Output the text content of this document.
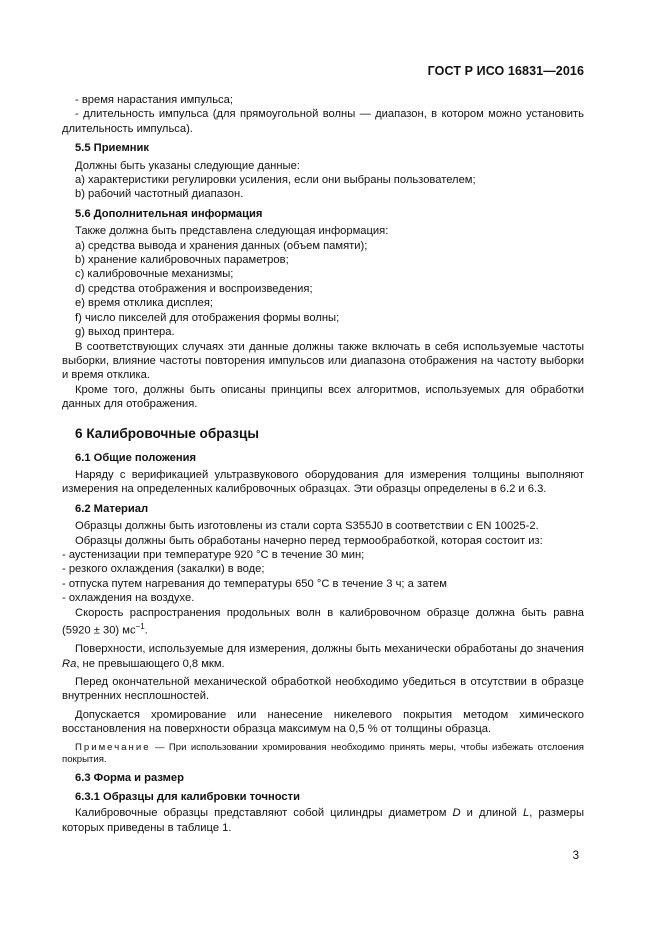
ГОСТ Р ИСО 16831—2016

- время нарастания импульса;

- длительность импульса (для прямоугольной волны — диапазон, в котором можно установить длительность импульса).

5.5 Приемник

Должны быть указаны следующие данные:

a) характеристики регулировки усиления, если они выбраны пользователем;

b) рабочий частотный диапазон.

5.6 Дополнительная информация

Также должна быть представлена следующая информация:

a) средства вывода и хранения данных (объем памяти);

b) хранение калибровочных параметров;

c) калибровочные механизмы;

d) средства отображения и воспроизведения;

e) время отклика дисплея;

f) число пикселей для отображения формы волны;

g) выход принтера.

В соответствующих случаях эти данные должны также включать в себя используемые частоты выборки, влияние частоты повторения импульсов или диапазона отображения на частоту выборки и время отклика.

Кроме того, должны быть описаны принципы всех алгоритмов, используемых для обработки данных для отображения.

6 Калибровочные образцы

6.1 Общие положения

Наряду с верификацией ультразвукового оборудования для измерения толщины выполняют измерения на определенных калибровочных образцах. Эти образцы определены в 6.2 и 6.3.

6.2 Материал

Образцы должны быть изготовлены из стали сорта S355J0 в соответствии с EN 10025-2.

Образцы должны быть обработаны начерно перед термообработкой, которая состоит из:

- аустенизации при температуре 920 °С в течение 30 мин;

- резкого охлаждения (закалки) в воде;

- отпуска путем нагревания до температуры 650 °С в течение 3 ч; а затем

- охлаждения на воздухе.

Скорость распространения продольных волн в калибровочном образце должна быть равна (5920 ± 30) $мс^{-1}$.

Поверхности, используемые для измерения, должны быть механически обработаны до значения Ra, не превышающего 0,8 мкм.

Перед окончательной механической обработкой необходимо убедиться в отсутствии в образце внутренних несплошностей.

Допускается хромирование или нанесение никелевого покрытия методом химического восстановления на поверхности образца максимум на 0,5 % от толщины образца.

Примечание — При использовании хромирования необходимо принять меры, чтобы избежать отслоения покрытия.

6.3 Форма и размер

6.3.1 Образцы для калибровки точности

Калибровочные образцы представляют собой цилиндры диаметром D и длиной L, размеры которых приведены в таблице 1.

3
